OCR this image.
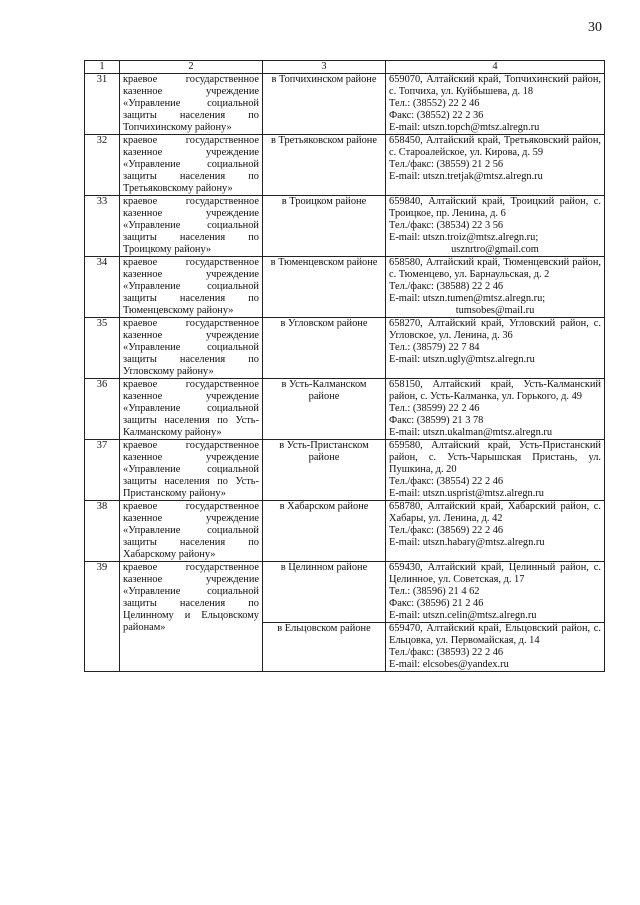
30
1	2	3	4
31	краевое государственное казенное учреждение «Управление социальной защиты населения по Топчихинскому району»	в Топчихинском районе	659070, Алтайский край, Топчихинский район, с. Топчиха, ул. Куйбышева, д. 18
Тел.: (38552) 22 2 46
Факс: (38552) 22 2 36
E-mail: utszn.topch@mtsz.alregn.ru

32	краевое государственное казенное учреждение «Управление социальной защиты населения по Третьяковскому району»	в Третьяковском районе	658450, Алтайский край, Третьяковский район, с. Староалейское, ул. Кирова, д. 59
Тел./факс: (38559) 21 2 56
E-mail: utszn.tretjak@mtsz.alregn.ru

33	краевое государственное казенное учреждение «Управление социальной защиты населения по Троицкому району»	в Троицком районе	659840, Алтайский край, Троицкий район, с. Троицкое, пр. Ленина, д. 6
Тел./факс: (38534) 22 3 56
E-mail: utszn.troiz@mtsz.alregn.ru;
usznrtro@gmail.com

34	краевое государственное казенное учреждение «Управление социальной защиты населения по Тюменцевскому району»	в Тюменцевском районе	658580, Алтайский край, Тюменцевский район, с. Тюменцево, ул. Барнаульская, д. 2
Тел./факс: (38588) 22 2 46
E-mail: utszn.tumen@mtsz.alregn.ru;
tumsobes@mail.ru

35	краевое государственное казенное учреждение «Управление социальной защиты населения по Угловскому району»	в Угловском районе	658270, Алтайский край, Угловский район, с. Угловское, ул. Ленина, д. 36
Тел.: (38579) 22 7 84
E-mail: utszn.ugly@mtsz.alregn.ru

36	краевое государственное казенное учреждение «Управление социальной защиты населения по Усть-Калманскому району»	в Усть-Калманском районе	658150, Алтайский край, Усть-Калманский район, с. Усть-Калманка, ул. Горького, д. 49
Тел.: (38599) 22 2 46
Факс: (38599) 21 3 78
E-mail: utszn.ukalman@mtsz.alregn.ru

37	краевое государственное казенное учреждение «Управление социальной защиты населения по Усть-Пристанскому району»	в Усть-Пристанском районе	659580, Алтайский край, Усть-Пристанский район, с. Усть-Чарышская Пристань, ул. Пушкина, д. 20
Тел./факс: (38554) 22 2 46
E-mail: utszn.usprist@mtsz.alregn.ru

38	краевое государственное казенное учреждение «Управление социальной защиты населения по Хабарскому району»	в Хабарском районе	658780, Алтайский край, Хабарский район, с. Хабары, ул. Ленина, д. 42
Тел./факс: (38569) 22 2 46
E-mail: utszn.habary@mtsz.alregn.ru

39	краевое государственное казенное учреждение «Управление социальной защиты населения по Целинному и Ельцовскому районам»	в Целинном районе	659430, Алтайский край, Целинный район, с. Целинное, ул. Советская, д. 17
Тел.: (38596) 21 4 62
Факс: (38596) 21 2 46
E-mail: utszn.celin@mtsz.alregn.ru

		в Ельцовском районе	659470, Алтайский край, Ельцовский район, с. Ельцовка, ул. Первомайская, д. 14
Тел./факс: (38593) 22 2 46
E-mail: elcsobes@yandex.ru
